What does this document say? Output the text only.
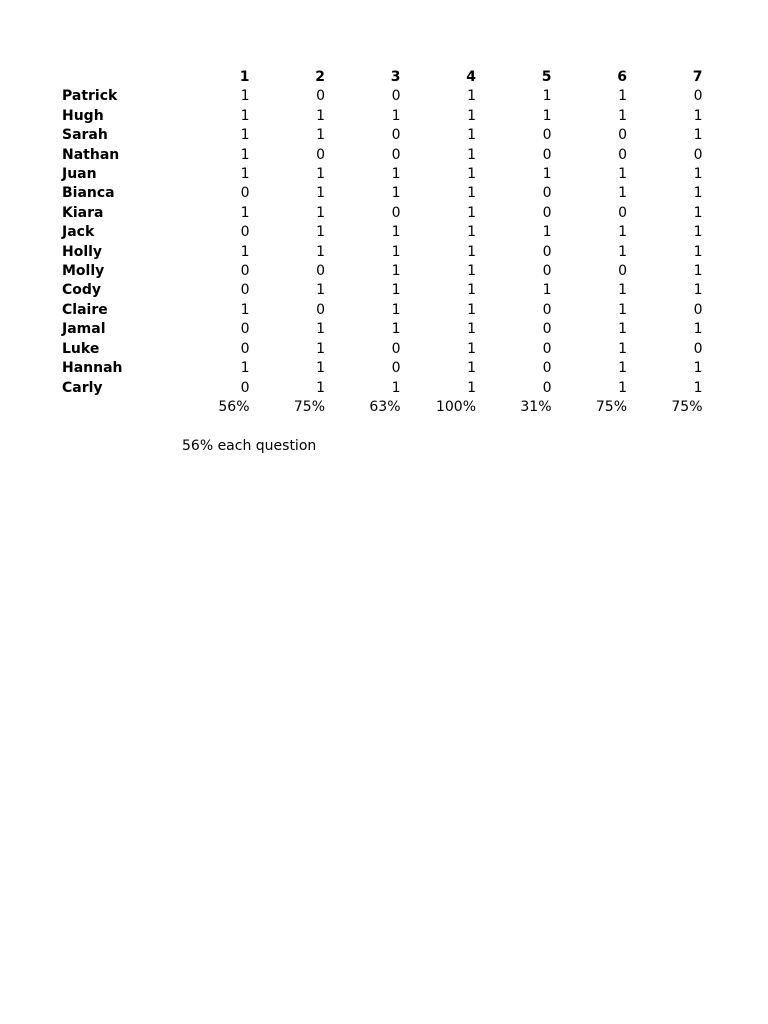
	1	2	3	4	5	6	7
Patrick	1	0	0	1	1	1	0
Hugh	1	1	1	1	1	1	1
Sarah	1	1	0	1	0	0	1
Nathan	1	0	0	1	0	0	0
Juan	1	1	1	1	1	1	1
Bianca	0	1	1	1	0	1	1
Kiara	1	1	0	1	0	0	1
Jack	0	1	1	1	1	1	1
Holly	1	1	1	1	0	1	1
Molly	0	0	1	1	0	0	1
Cody	0	1	1	1	1	1	1
Claire	1	0	1	1	0	1	0
Jamal	0	1	1	1	0	1	1
Luke	0	1	0	1	0	1	0
Hannah	1	1	0	1	0	1	1
Carly	0	1	1	1	0	1	1
	56%	75%	63%	100%	31%	75%	75%
56% each question
